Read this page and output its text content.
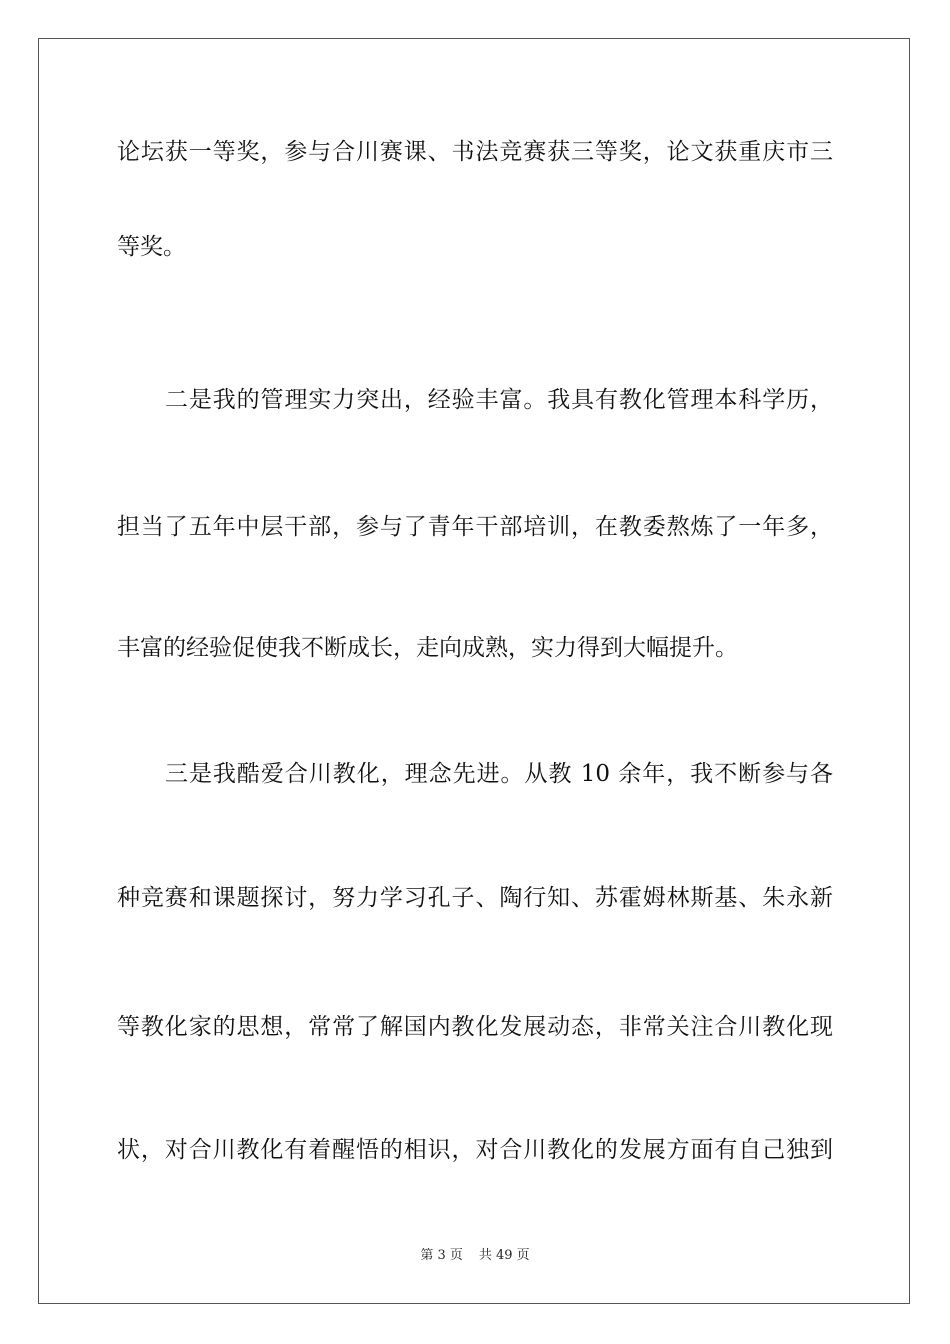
论坛获一等奖，参与合川赛课、书法竞赛获三等奖，论文获重庆市三
等奖。
二是我的管理实力突出，经验丰富。我具有教化管理本科学历，
担当了五年中层干部，参与了青年干部培训，在教委熬炼了一年多，
丰富的经验促使我不断成长，走向成熟，实力得到大幅提升。
三是我酷爱合川教化，理念先进。从教 10 余年，我不断参与各
种竞赛和课题探讨，努力学习孔子、陶行知、苏霍姆林斯基、朱永新
等教化家的思想，常常了解国内教化发展动态，非常关注合川教化现
状，对合川教化有着醒悟的相识，对合川教化的发展方面有自己独到
第 3 页 共 49 页
